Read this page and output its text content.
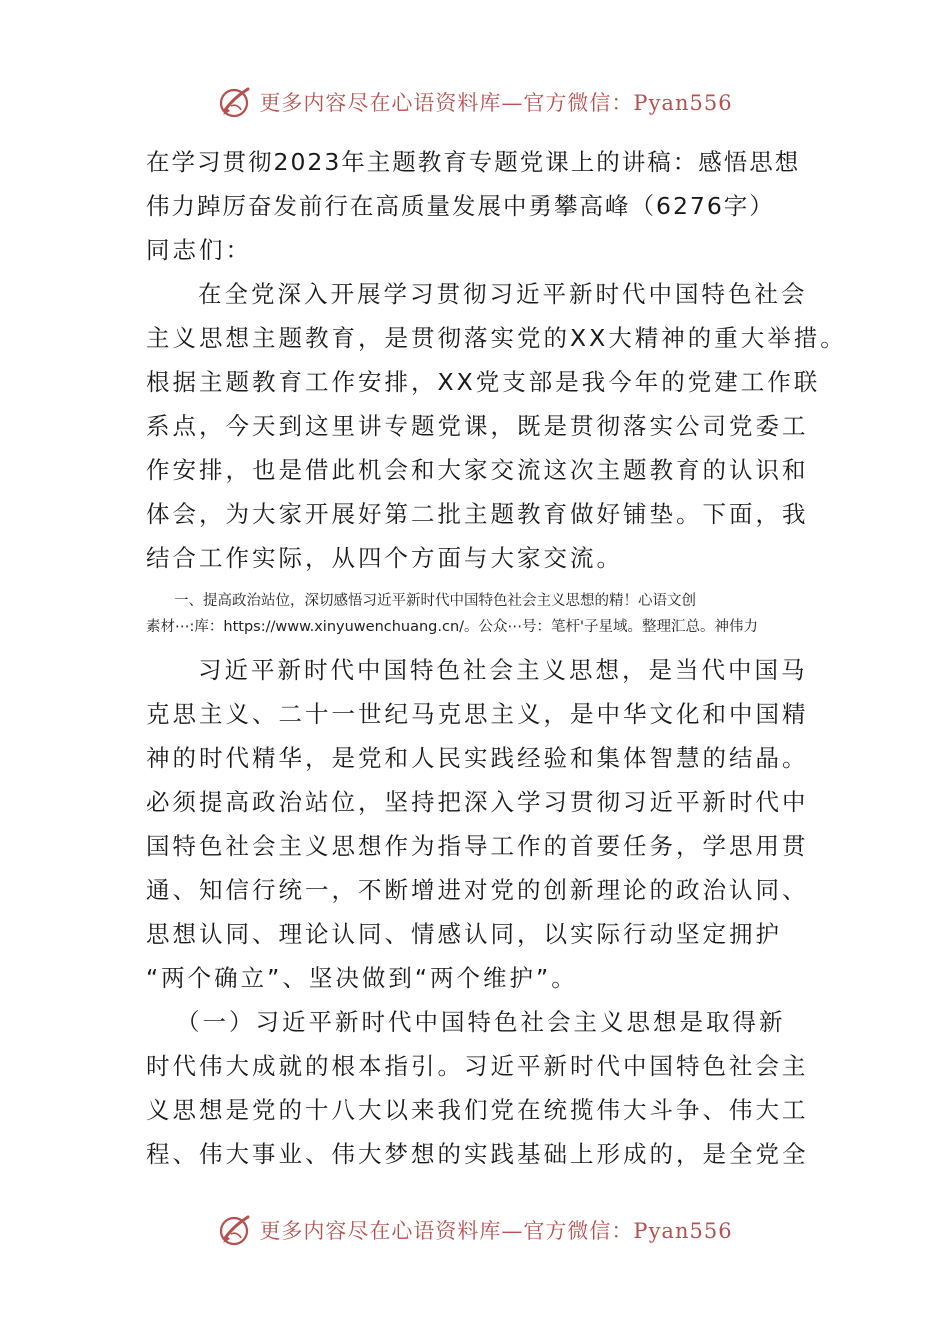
更多内容尽在心语资料库—官方微信：Pyan556
在学习贯彻2023年主题教育专题党课上的讲稿：感悟思想
伟力踔厉奋发前行在高质量发展中勇攀高峰（6276字）
同志们：
在全党深入开展学习贯彻习近平新时代中国特色社会
主义思想主题教育，是贯彻落实党的XX大精神的重大举措。
根据主题教育工作安排，XX党支部是我今年的党建工作联
系点，今天到这里讲专题党课，既是贯彻落实公司党委工
作安排，也是借此机会和大家交流这次主题教育的认识和
体会，为大家开展好第二批主题教育做好铺垫。下面，我
结合工作实际，从四个方面与大家交流。
一、提高政治站位，深切感悟习近平新时代中国特色社会主义思想的精！心语文创
素材⋯:库：https://www.xinyuwenchuang.cn/。公众⋯号：笔杆'子星域。整理汇总。神伟力
习近平新时代中国特色社会主义思想，是当代中国马
克思主义、二十一世纪马克思主义，是中华文化和中国精
神的时代精华，是党和人民实践经验和集体智慧的结晶。
必须提高政治站位，坚持把深入学习贯彻习近平新时代中
国特色社会主义思想作为指导工作的首要任务，学思用贯
通、知信行统一，不断增进对党的创新理论的政治认同、
思想认同、理论认同、情感认同，以实际行动坚定拥护
“两个确立”、坚决做到“两个维护”。
（一）习近平新时代中国特色社会主义思想是取得新
时代伟大成就的根本指引。习近平新时代中国特色社会主
义思想是党的十八大以来我们党在统揽伟大斗争、伟大工
程、伟大事业、伟大梦想的实践基础上形成的，是全党全
更多内容尽在心语资料库—官方微信：Pyan556
